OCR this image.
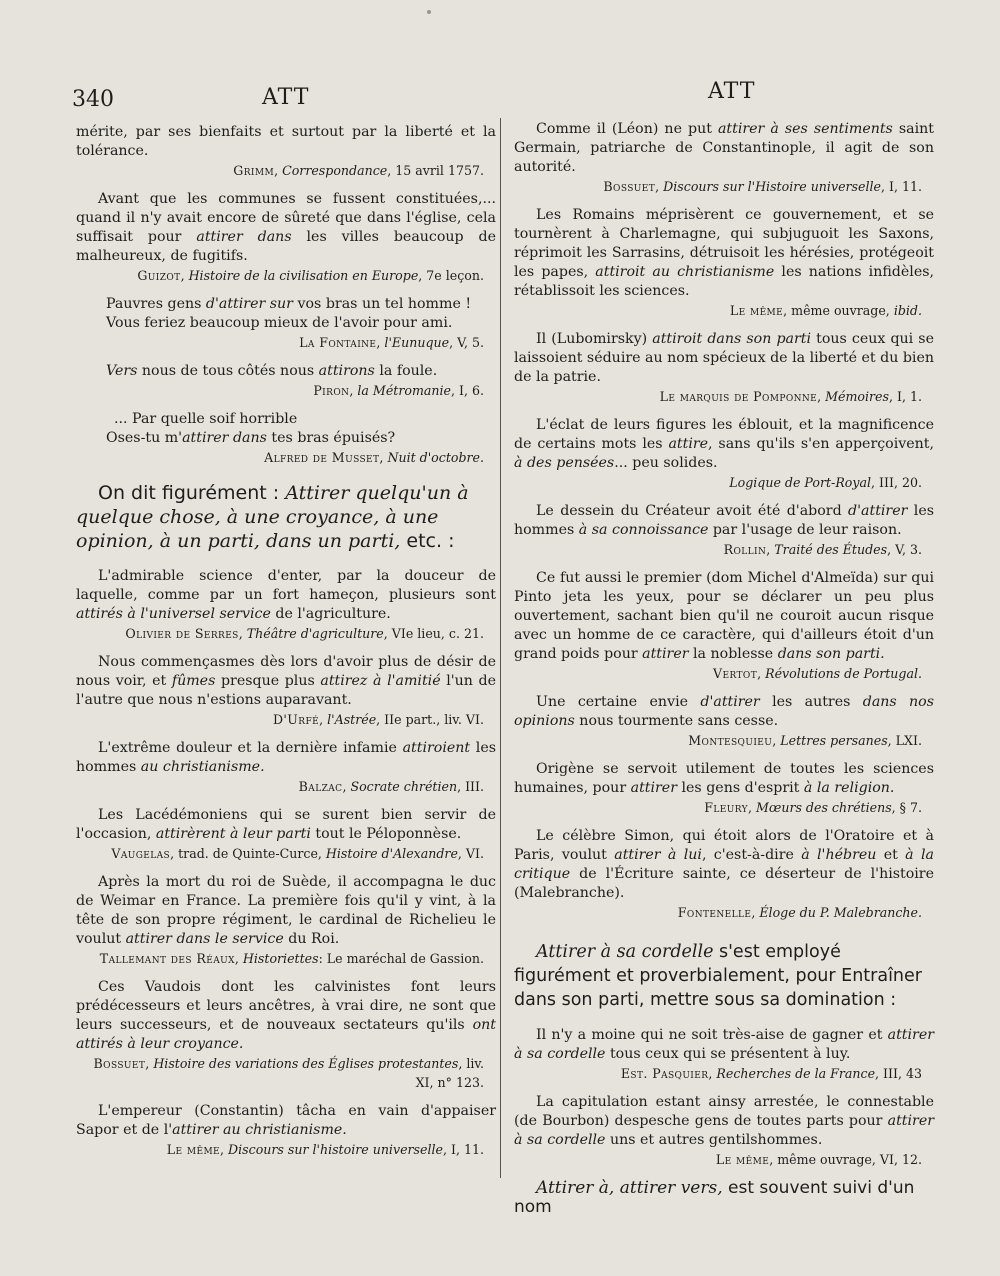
340	ATT	ATT
mérite, par ses bienfaits et surtout par la liberté et la tolérance.
Grimm, Correspondance, 15 avril 1757.
Avant que les communes se fussent constituées,... quand il n'y avait encore de sûreté que dans l'église, cela suffisait pour attirer dans les villes beaucoup de malheureux, de fugitifs.
Guizot, Histoire de la civilisation en Europe, 7e leçon.
Pauvres gens d'attirer sur vos bras un tel homme !
Vous feriez beaucoup mieux de l'avoir pour ami.
La Fontaine, l'Eunuque, V, 5.
Vers nous de tous côtés nous attirons la foule.
Piron, la Métromanie, I, 6.
... Par quelle soif horrible
Oses-tu m'attirer dans tes bras épuisés?
Alfred de Musset, Nuit d'octobre.
On dit figurément : Attirer quelqu'un à quelque chose, à une croyance, à une opinion, à un parti, dans un parti, etc. :
L'admirable science d'enter, par la douceur de laquelle, comme par un fort hameçon, plusieurs sont attirés à l'universel service de l'agriculture.
Olivier de Serres, Théâtre d'agriculture, VIe lieu, c. 21.
Nous commençasmes dès lors d'avoir plus de désir de nous voir, et fûmes presque plus attirez à l'amitié l'un de l'autre que nous n'estions auparavant.
D'Urfé, l'Astrée, IIe part., liv. VI.
L'extrême douleur et la dernière infamie attiroient les hommes au christianisme.
Balzac, Socrate chrétien, III.
Les Lacédémoniens qui se surent bien servir de l'occasion, attirèrent à leur parti tout le Péloponnèse.
Vaugelas, trad. de Quinte-Curce, Histoire d'Alexandre, VI.
Après la mort du roi de Suède, il accompagna le duc de Weimar en France. La première fois qu'il y vint, à la tête de son propre régiment, le cardinal de Richelieu le voulut attirer dans le service du Roi.
Tallemant des Réaux, Historiettes: Le maréchal de Gassion.
Ces Vaudois dont les calvinistes font leurs prédécesseurs et leurs ancêtres, à vrai dire, ne sont que leurs successeurs, et de nouveaux sectateurs qu'ils ont attirés à leur croyance.
Bossuet, Histoire des variations des Églises protestantes, liv. XI, n° 123.
L'empereur (Constantin) tâcha en vain d'appaiser Sapor et de l'attirer au christianisme.
Le même, Discours sur l'histoire universelle, I, 11.
Comme il (Léon) ne put attirer à ses sentiments saint Germain, patriarche de Constantinople, il agit de son autorité.
Bossuet, Discours sur l'Histoire universelle, I, 11.
Les Romains méprisèrent ce gouvernement, et se tournèrent à Charlemagne, qui subjuguoit les Saxons, réprimoit les Sarrasins, détruisoit les hérésies, protégeoit les papes, attiroit au christianisme les nations infidèles, rétablissoit les sciences.
Le même, même ouvrage, ibid.
Il (Lubomirsky) attiroit dans son parti tous ceux qui se laissoient séduire au nom spécieux de la liberté et du bien de la patrie.
Le marquis de Pomponne, Mémoires, I, 1.
L'éclat de leurs figures les éblouit, et la magnificence de certains mots les attire, sans qu'ils s'en apperçoivent, à des pensées... peu solides.
Logique de Port-Royal, III, 20.
Le dessein du Créateur avoit été d'abord d'attirer les hommes à sa connoissance par l'usage de leur raison.
Rollin, Traité des Études, V, 3.
Ce fut aussi le premier (dom Michel d'Almeïda) sur qui Pinto jeta les yeux, pour se déclarer un peu plus ouvertement, sachant bien qu'il ne couroit aucun risque avec un homme de ce caractère, qui d'ailleurs étoit d'un grand poids pour attirer la noblesse dans son parti.
Vertot, Révolutions de Portugal.
Une certaine envie d'attirer les autres dans nos opinions nous tourmente sans cesse.
Montesquieu, Lettres persanes, LXI.
Origène se servoit utilement de toutes les sciences humaines, pour attirer les gens d'esprit à la religion.
Fleury, Mœurs des chrétiens, § 7.
Le célèbre Simon, qui étoit alors de l'Oratoire et à Paris, voulut attirer à lui, c'est-à-dire à l'hébreu et à la critique de l'Écriture sainte, ce déserteur de l'histoire (Malebranche).
Fontenelle, Éloge du P. Malebranche.
Attirer à sa cordelle s'est employé figurément et proverbialement, pour Entraîner dans son parti, mettre sous sa domination :
Il n'y a moine qui ne soit très-aise de gagner et attirer à sa cordelle tous ceux qui se présentent à luy.
Est. Pasquier, Recherches de la France, III, 43
La capitulation estant ainsy arrestée, le connestable (de Bourbon) despesche gens de toutes parts pour attirer à sa cordelle uns et autres gentilshommes.
Le même, même ouvrage, VI, 12.
Attirer à, attirer vers, est souvent suivi d'un nom
